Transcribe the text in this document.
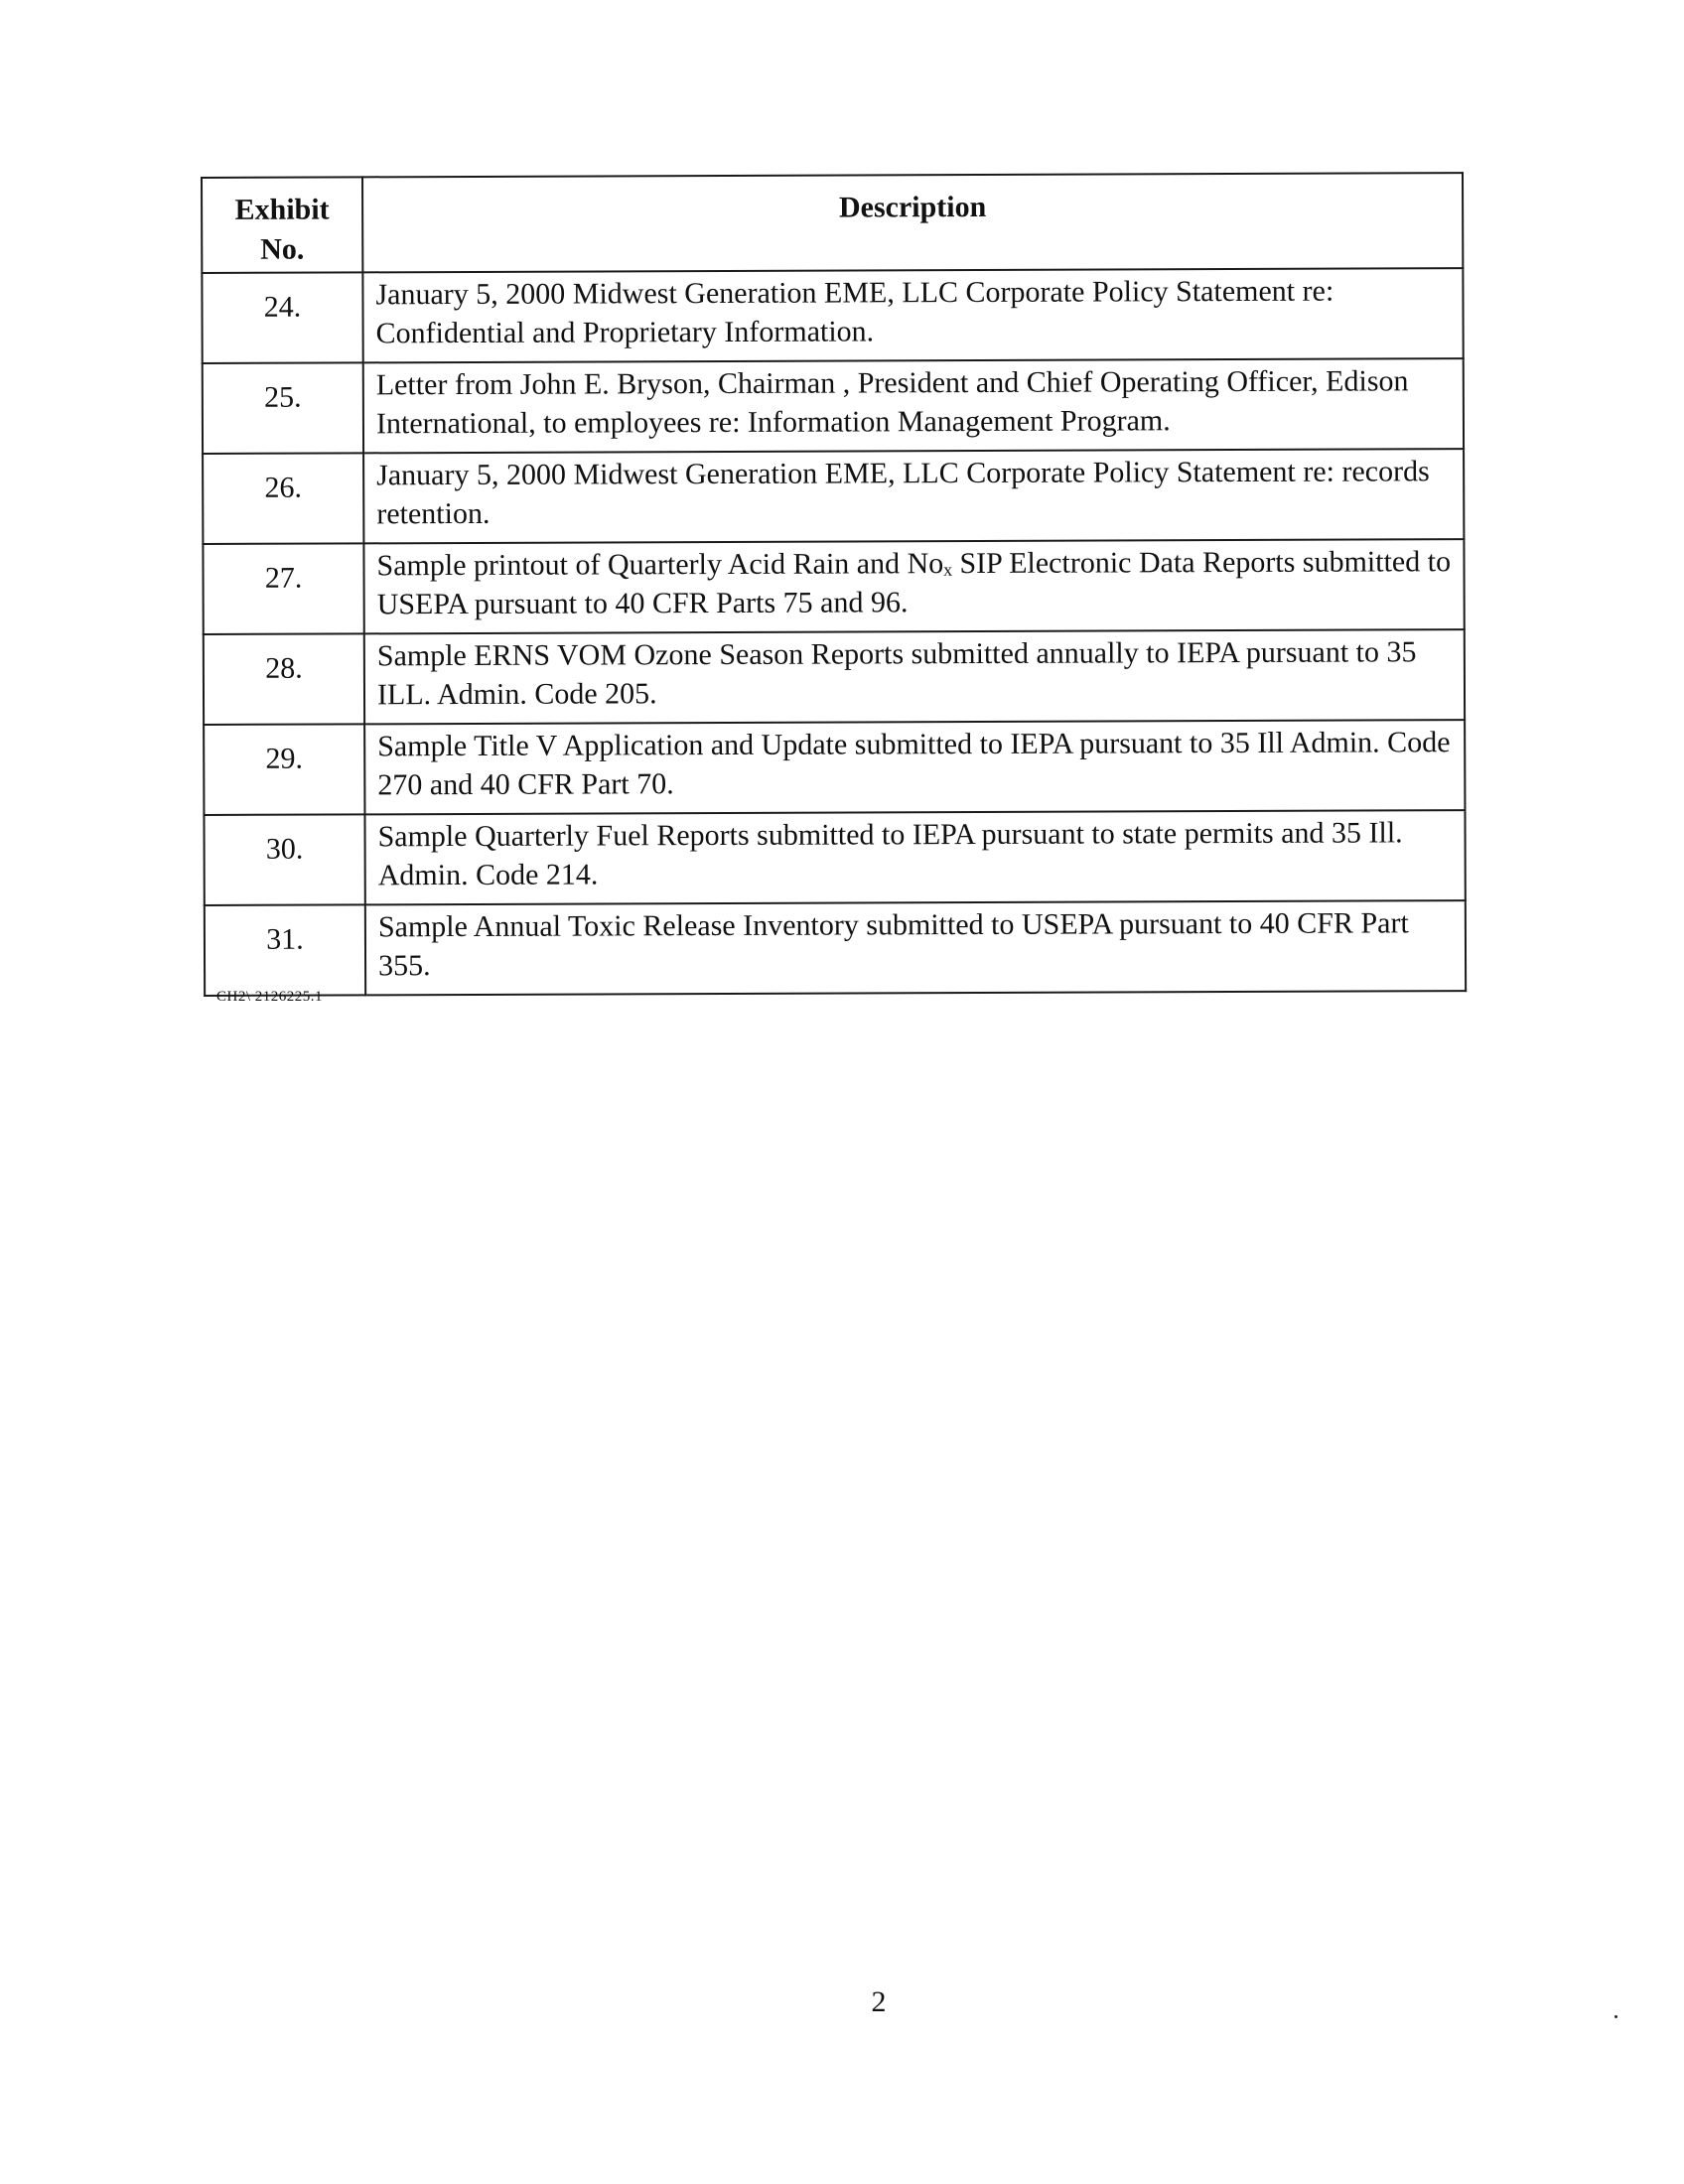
Exhibit No.	Description
24.	January 5, 2000 Midwest Generation EME, LLC Corporate Policy Statement re: Confidential and Proprietary Information.
25.	Letter from John E. Bryson, Chairman , President and Chief Operating Officer, Edison International, to employees re: Information Management Program.
26.	January 5, 2000 Midwest Generation EME, LLC Corporate Policy Statement re: records retention.
27.	Sample printout of Quarterly Acid Rain and Noₓ SIP Electronic Data Reports submitted to USEPA pursuant to 40 CFR Parts 75 and 96.
28.	Sample ERNS VOM Ozone Season Reports submitted annually to IEPA pursuant to 35 ILL. Admin. Code 205.
29.	Sample Title V Application and Update submitted to IEPA pursuant to 35 Ill Admin. Code 270 and 40 CFR Part 70.
30.	Sample Quarterly Fuel Reports submitted to IEPA pursuant to state permits and 35 Ill. Admin. Code 214.
31.	Sample Annual Toxic Release Inventory submitted to USEPA pursuant to 40 CFR Part 355.
CH2\ 2126225.1
2
